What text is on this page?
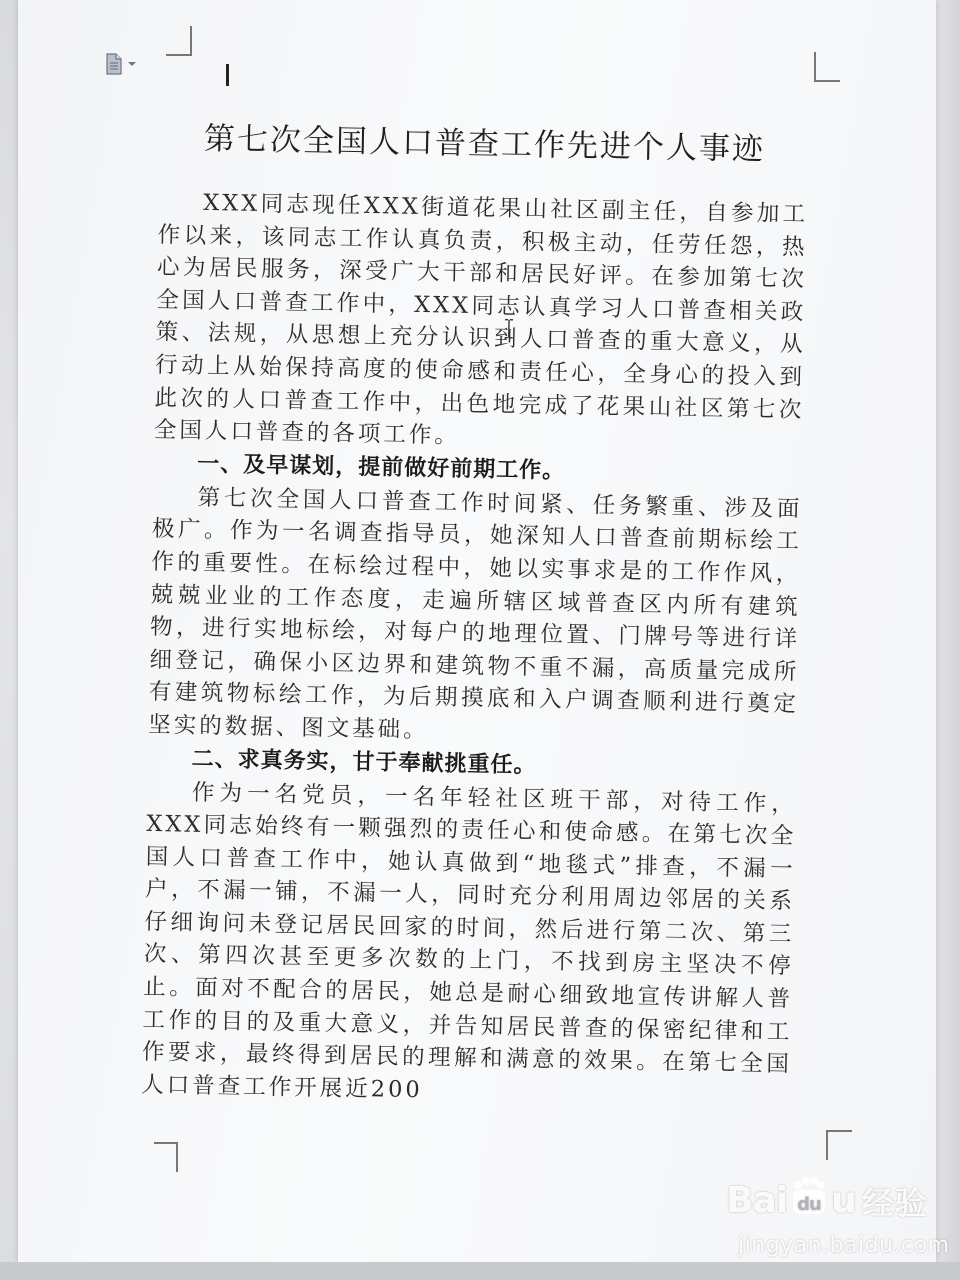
第七次全国人口普查工作先进个人事迹

XXX同志现任XXX街道花果山社区副主任，自参加工作以来，该同志工作认真负责，积极主动，任劳任怨，热心为居民服务，深受广大干部和居民好评。在参加第七次全国人口普查工作中，XXX同志认真学习人口普查相关政策、法规，从思想上充分认识到人口普查的重大意义，从行动上从始保持高度的使命感和责任心，全身心的投入到此次的人口普查工作中，出色地完成了花果山社区第七次全国人口普查的各项工作。

一、及早谋划，提前做好前期工作。

第七次全国人口普查工作时间紧、任务繁重、涉及面极广。作为一名调查指导员，她深知人口普查前期标绘工作的重要性。在标绘过程中，她以实事求是的工作作风，兢兢业业的工作态度，走遍所辖区域普查区内所有建筑物，进行实地标绘，对每户的地理位置、门牌号等进行详细登记，确保小区边界和建筑物不重不漏，高质量完成所有建筑物标绘工作，为后期摸底和入户调查顺利进行奠定坚实的数据、图文基础。

二、求真务实，甘于奉献挑重任。

作为一名党员，一名年轻社区班干部，对待工作，XXX同志始终有一颗强烈的责任心和使命感。在第七次全国人口普查工作中，她认真做到“地毯式”排查，不漏一户，不漏一铺，不漏一人，同时充分利用周边邻居的关系仔细询问未登记居民回家的时间，然后进行第二次、第三次、第四次甚至更多次数的上门，不找到房主坚决不停止。面对不配合的居民，她总是耐心细致地宣传讲解人普工作的目的及重大意义，并告知居民普查的保密纪律和工作要求，最终得到居民的理解和满意的效果。在第七全国人口普查工作开展近200

Bai du u 经验
jingyan.baidu.com
